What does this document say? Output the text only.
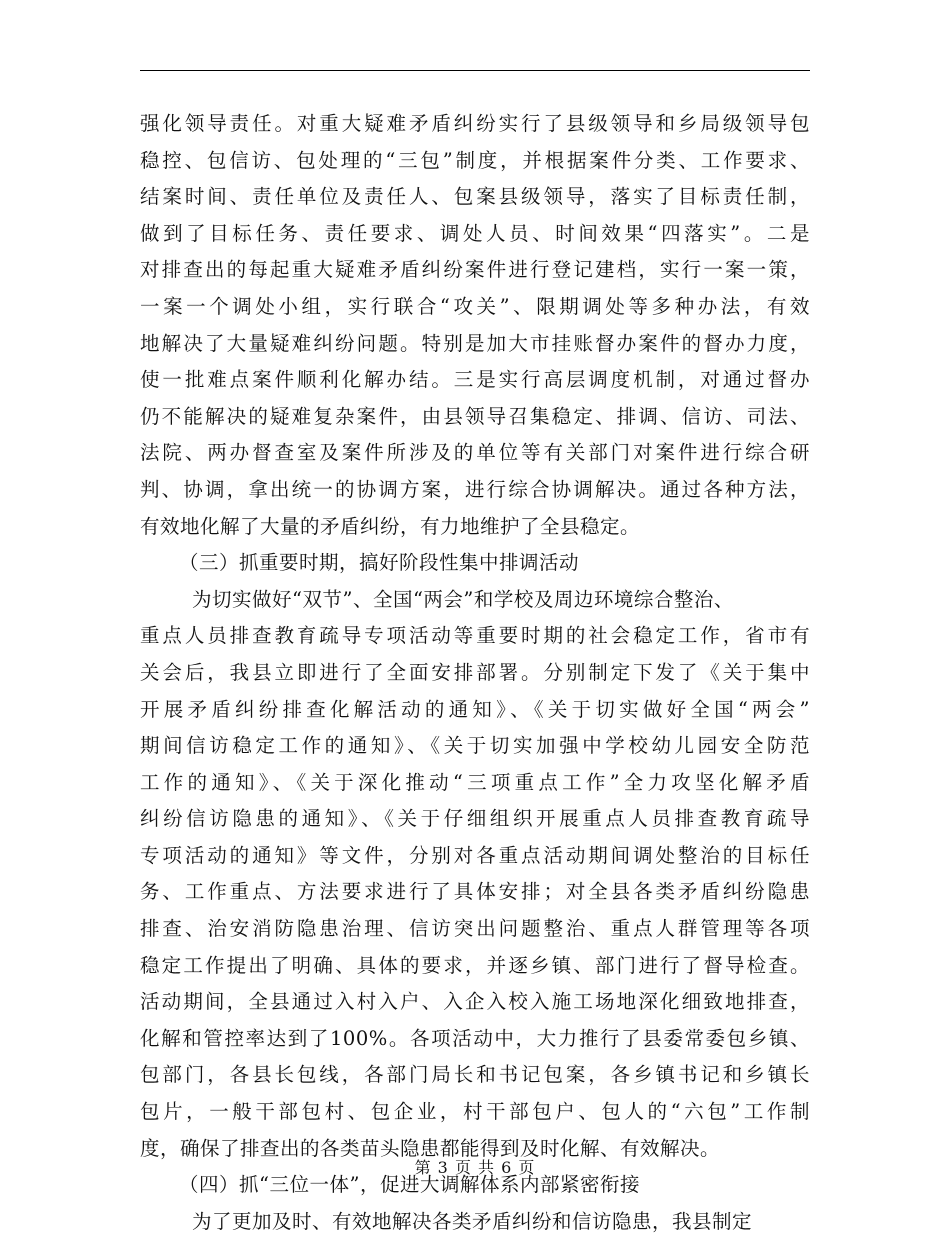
强化领导责任。对重大疑难矛盾纠纷实行了县级领导和乡局级领导包
稳控、包信访、包处理的“三包”制度，并根据案件分类、工作要求、
结案时间、责任单位及责任人、包案县级领导，落实了目标责任制，
做到了目标任务、责任要求、调处人员、时间效果“四落实”。二是
对排查出的每起重大疑难矛盾纠纷案件进行登记建档，实行一案一策，
一案一个调处小组，实行联合“攻关”、限期调处等多种办法，有效
地解决了大量疑难纠纷问题。特别是加大市挂账督办案件的督办力度，
使一批难点案件顺利化解办结。三是实行高层调度机制，对通过督办
仍不能解决的疑难复杂案件，由县领导召集稳定、排调、信访、司法、
法院、两办督查室及案件所涉及的单位等有关部门对案件进行综合研
判、协调，拿出统一的协调方案，进行综合协调解决。通过各种方法，
有效地化解了大量的矛盾纠纷，有力地维护了全县稳定。
（三）抓重要时期，搞好阶段性集中排调活动
为切实做好“双节”、全国“两会”和学校及周边环境综合整治、
重点人员排查教育疏导专项活动等重要时期的社会稳定工作，省市有
关会后，我县立即进行了全面安排部署。分别制定下发了《关于集中
开展矛盾纠纷排查化解活动的通知》、《关于切实做好全国“两会”
期间信访稳定工作的通知》、《关于切实加强中学校幼儿园安全防范
工作的通知》、《关于深化推动“三项重点工作”全力攻坚化解矛盾
纠纷信访隐患的通知》、《关于仔细组织开展重点人员排查教育疏导
专项活动的通知》等文件，分别对各重点活动期间调处整治的目标任
务、工作重点、方法要求进行了具体安排；对全县各类矛盾纠纷隐患
排查、治安消防隐患治理、信访突出问题整治、重点人群管理等各项
稳定工作提出了明确、具体的要求，并逐乡镇、部门进行了督导检查。
活动期间，全县通过入村入户、入企入校入施工场地深化细致地排查，
化解和管控率达到了100%。各项活动中，大力推行了县委常委包乡镇、
包部门，各县长包线，各部门局长和书记包案，各乡镇书记和乡镇长
包片，一般干部包村、包企业，村干部包户、包人的“六包”工作制
度，确保了排查出的各类苗头隐患都能得到及时化解、有效解决。
（四）抓“三位一体”，促进大调解体系内部紧密衔接
为了更加及时、有效地解决各类矛盾纠纷和信访隐患，我县制定
第 3 页 共 6 页
